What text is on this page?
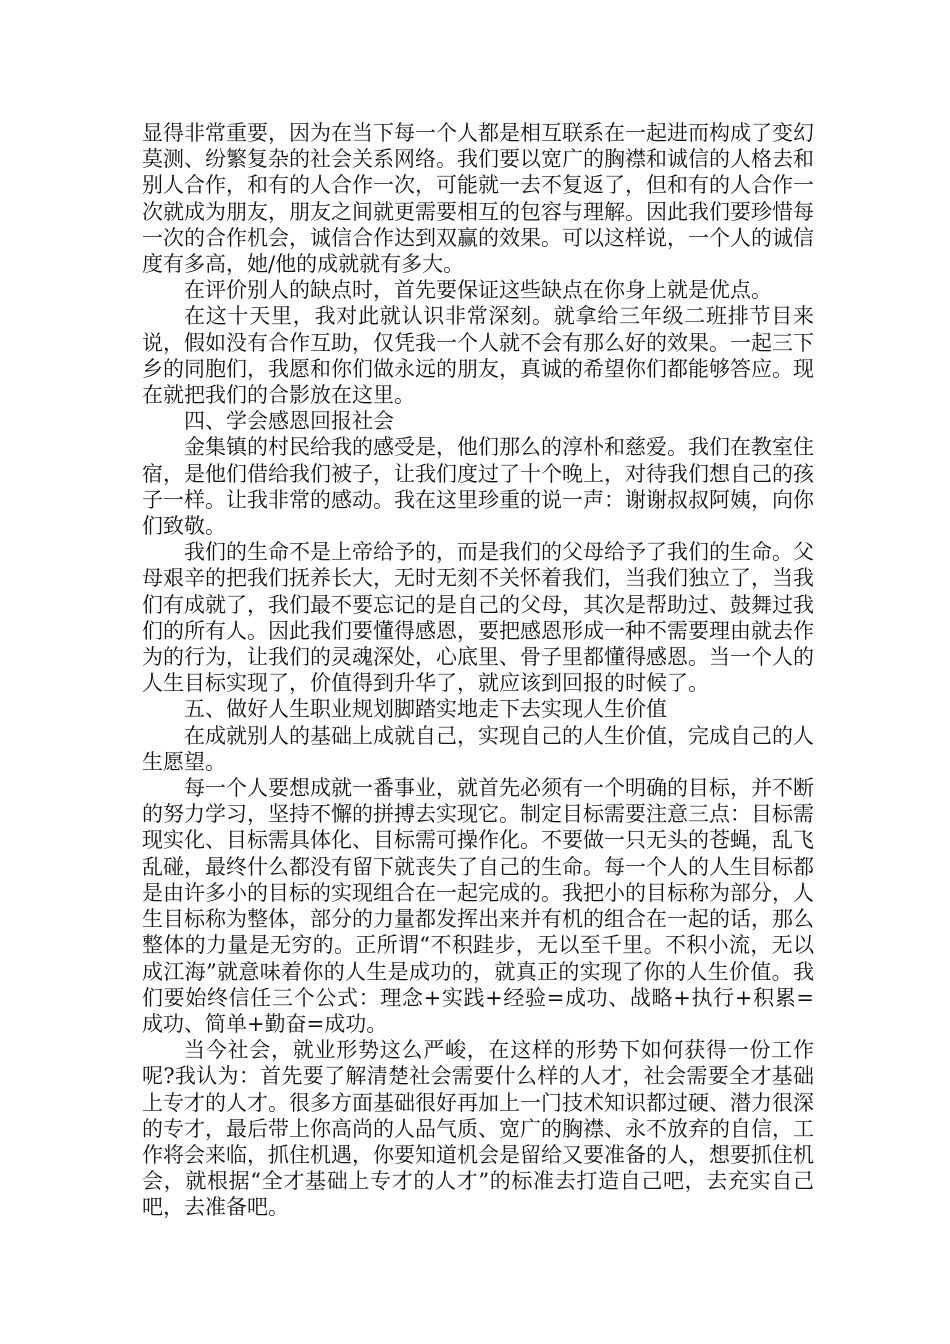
显得非常重要，因为在当下每一个人都是相互联系在一起进而构成了变幻莫测、纷繁复杂的社会关系网络。我们要以宽广的胸襟和诚信的人格去和别人合作，和有的人合作一次，可能就一去不复返了，但和有的人合作一次就成为朋友，朋友之间就更需要相互的包容与理解。因此我们要珍惜每一次的合作机会，诚信合作达到双赢的效果。可以这样说，一个人的诚信度有多高，她/他的成就就有多大。

在评价别人的缺点时，首先要保证这些缺点在你身上就是优点。

在这十天里，我对此就认识非常深刻。就拿给三年级二班排节目来说，假如没有合作互助，仅凭我一个人就不会有那么好的效果。一起三下乡的同胞们，我愿和你们做永远的朋友，真诚的希望你们都能够答应。现在就把我们的合影放在这里。

四、学会感恩回报社会

金集镇的村民给我的感受是，他们那么的淳朴和慈爱。我们在教室住宿，是他们借给我们被子，让我们度过了十个晚上，对待我们想自己的孩子一样。让我非常的感动。我在这里珍重的说一声：谢谢叔叔阿姨，向你们致敬。

我们的生命不是上帝给予的，而是我们的父母给予了我们的生命。父母艰辛的把我们抚养长大，无时无刻不关怀着我们，当我们独立了，当我们有成就了，我们最不要忘记的是自己的父母，其次是帮助过、鼓舞过我们的所有人。因此我们要懂得感恩，要把感恩形成一种不需要理由就去作为的行为，让我们的灵魂深处，心底里、骨子里都懂得感恩。当一个人的人生目标实现了，价值得到升华了，就应该到回报的时候了。

五、做好人生职业规划脚踏实地走下去实现人生价值

在成就别人的基础上成就自己，实现自己的人生价值，完成自己的人生愿望。

每一个人要想成就一番事业，就首先必须有一个明确的目标，并不断的努力学习，坚持不懈的拼搏去实现它。制定目标需要注意三点：目标需现实化、目标需具体化、目标需可操作化。不要做一只无头的苍蝇，乱飞乱碰，最终什么都没有留下就丧失了自己的生命。每一个人的人生目标都是由许多小的目标的实现组合在一起完成的。我把小的目标称为部分，人生目标称为整体，部分的力量都发挥出来并有机的组合在一起的话，那么整体的力量是无穷的。正所谓“不积跬步，无以至千里。不积小流，无以成江海”就意味着你的人生是成功的，就真正的实现了你的人生价值。我们要始终信任三个公式：理念+实践+经验=成功、战略+执行+积累=成功、简单+勤奋=成功。

当今社会，就业形势这么严峻，在这样的形势下如何获得一份工作呢?我认为：首先要了解清楚社会需要什么样的人才，社会需要全才基础上专才的人才。很多方面基础很好再加上一门技术知识都过硬、潜力很深的专才，最后带上你高尚的人品气质、宽广的胸襟、永不放弃的自信，工作将会来临，抓住机遇，你要知道机会是留给又要准备的人，想要抓住机会，就根据“全才基础上专才的人才”的标准去打造自己吧，去充实自己吧，去准备吧。
